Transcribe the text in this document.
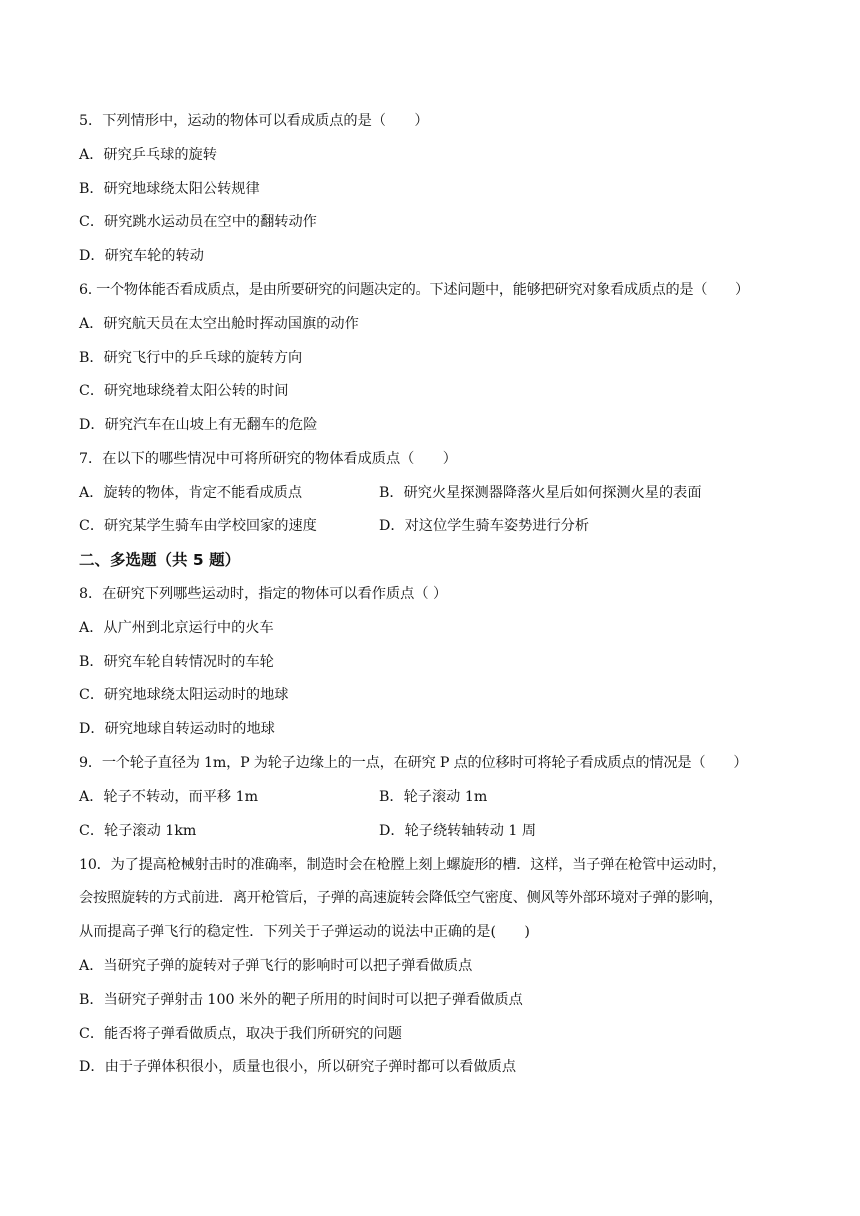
5．下列情形中，运动的物体可以看成质点的是（　　）
A．研究乒乓球的旋转
B．研究地球绕太阳公转规律
C．研究跳水运动员在空中的翻转动作
D．研究车轮的转动
6. 一个物体能否看成质点，是由所要研究的问题决定的。下述问题中，能够把研究对象看成质点的是（　　）
A．研究航天员在太空出舱时挥动国旗的动作
B．研究飞行中的乒乓球的旋转方向
C．研究地球绕着太阳公转的时间
D．研究汽车在山坡上有无翻车的危险
7．在以下的哪些情况中可将所研究的物体看成质点（　　）
A．旋转的物体，肯定不能看成质点	B．研究火星探测器降落火星后如何探测火星的表面
C．研究某学生骑车由学校回家的速度	D．对这位学生骑车姿势进行分析
二、多选题（共 5 题）
8．在研究下列哪些运动时，指定的物体可以看作质点（ ）
A．从广州到北京运行中的火车
B．研究车轮自转情况时的车轮
C．研究地球绕太阳运动时的地球
D．研究地球自转运动时的地球
9．一个轮子直径为 1m，P 为轮子边缘上的一点，在研究 P 点的位移时可将轮子看成质点的情况是（　　）
A．轮子不转动，而平移 1m	B．轮子滚动 1m
C．轮子滚动 1km	D．轮子绕转轴转动 1 周
10．为了提高枪械射击时的准确率，制造时会在枪膛上刻上螺旋形的槽．这样，当子弹在枪管中运动时，
会按照旋转的方式前进．离开枪管后，子弹的高速旋转会降低空气密度、侧风等外部环境对子弹的影响，
从而提高子弹飞行的稳定性．下列关于子弹运动的说法中正确的是(　　)
A．当研究子弹的旋转对子弹飞行的影响时可以把子弹看做质点
B．当研究子弹射击 100 米外的靶子所用的时间时可以把子弹看做质点
C．能否将子弹看做质点，取决于我们所研究的问题
D．由于子弹体积很小，质量也很小，所以研究子弹时都可以看做质点
